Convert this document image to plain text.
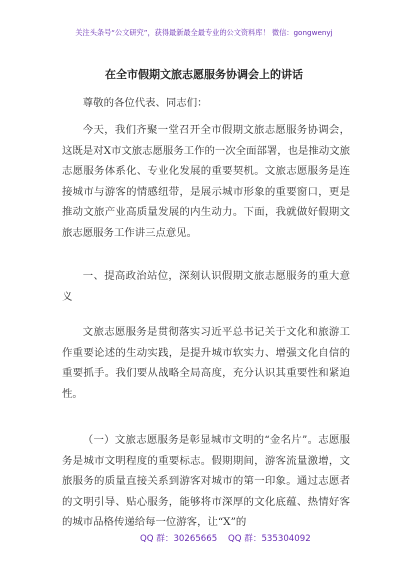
关注头条号“公文研究”，获得最新最全最专业的公文资料库！ 微信：gongwenyj
在全市假期文旅志愿服务协调会上的讲话
尊敬的各位代表、同志们：

今天，我们齐聚一堂召开全市假期文旅志愿服务协调会，这既是对X市文旅志愿服务工作的一次全面部署，也是推动文旅志愿服务体系化、专业化发展的重要契机。文旅志愿服务是连接城市与游客的情感纽带，是展示城市形象的重要窗口，更是推动文旅产业高质量发展的内生动力。下面，我就做好假期文旅志愿服务工作讲三点意见。

一、提高政治站位，深刻认识假期文旅志愿服务的重大意义

文旅志愿服务是贯彻落实习近平总书记关于文化和旅游工作重要论述的生动实践，是提升城市软实力、增强文化自信的重要抓手。我们要从战略全局高度，充分认识其重要性和紧迫性。

（一）文旅志愿服务是彰显城市文明的“金名片”。志愿服务是城市文明程度的重要标志。假期期间，游客流量激增，文旅服务的质量直接关系到游客对城市的第一印象。通过志愿者的文明引导、贴心服务，能够将市深厚的文化底蕴、热情好客的城市品格传递给每一位游客，让“X”的

QQ 群：30265665 QQ 群：535304092
